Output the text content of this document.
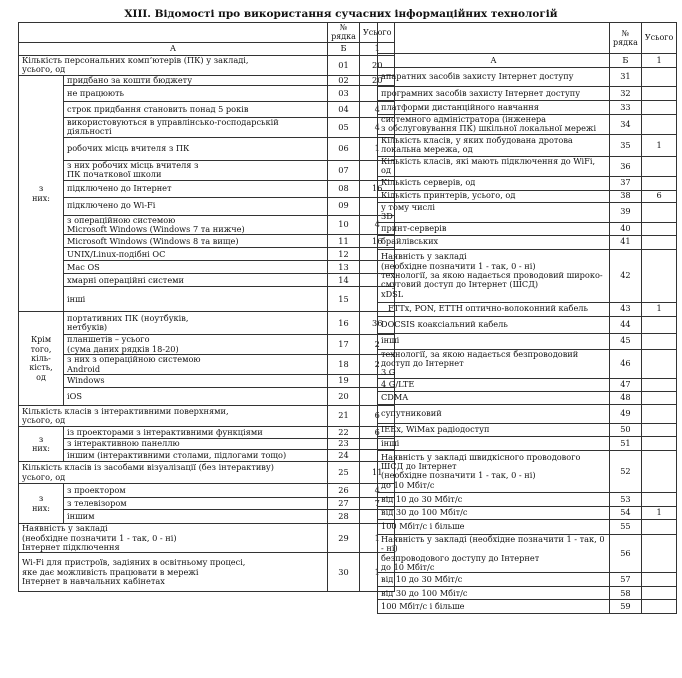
XIII. Відомості про використання сучасних інформаційних технологій
		№
рядка	Усього
А		Б	1
Кількість персональних комп’ютерів (ПК) у закладі,
усього, од		01	20
з
них:	придбано за кошти бюджету	02	20
	не працюють	03	
	строк придбання становить понад 5 років	04	4
	використовуються в управлінсько-господарській діяльності	05	4
	робочих місць вчителя з ПК	06	1
	з них робочих місць вчителя з
ПК початкової школи	07	
	підключено до Інтернет	08	16
	підключено до Wi-Fi	09	
	з операційною системою
Microsoft Windows (Windows 7 та нижче)	10	4
	Microsoft Windows (Windows 8 та вище)	11	16
	UNIX/Linux-подібні ОС	12	
	Mac OS	13	
	хмарні операційні системи	14	
	інші	15	
Крім
того,
кіль-кість,
од	портативних ПК (ноутбуків,
нетбуків)	16	36
	планшетів – усього
(сума даних рядків 18-20)	17	2
	з них з операційною системою
Android	18	2
	Windows	19	
	iOS	20	
Кількість класів з інтерактивними поверхнями,
усього, од		21	6
з
них:	із проекторами з інтерактивними функціями	22	6
	з інтерактивною панеллю	23	
	іншим (інтерактивними столами, підлогами тощо)	24	
Кількість класів із засобами візуалізації (без інтерактиву)
усього, од		25	11
з
них:	з проектором	26	4
	з телевізором	27	7
	іншим	28	
Наявність у закладі
(необхідне позначити 1 - так, 0 - ні)
Інтернет підключення		29	1
Wi-Fi для пристроїв, задіяних в освітньому процесі,
яке дає можливість працювати в мережі
Інтернет в навчальних кабінетах		30	1
	№
рядка	Усього
А	Б	1
апаратних засобів захисту Інтернет доступу	31	
програмних засобів захисту Інтернет доступу	32	
платформи дистанційного навчання	33	
системного адміністратора (інженера
з обслуговування ПК) шкільної локальної мережі	34	
Кількість класів, у яких побудована дротова
локальна мережа, од	35	1
Кількість класів, які мають підключення до WiFi, од	36	
Кількість серверів, од	37	
Кількість принтерів, усього, од	38	6
у тому числі
3D	39	
принт-серверів	40	
брайлівських	41	
Наявність у закладі
(необхідне позначити 1 - так, 0 - ні)
технології, за якою надається проводовий широко-
смуговий доступ до Інтернет (ШСД)
xDSL	42	
FTTx, PON, ETTH оптично-волоконний кабель	43	1
DOCSIS коаксіальний кабель	44	
інші	45	
технології, за якою надається безпроводовий
доступ до Інтернет
3 G	46	
4 G/LTE	47	
CDMA	48	
супутниковий	49	
IEEx, WiMax радіодоступ	50	
інші	51	
Наявність у закладі швидкісного проводового
ШСД до Інтернет
(необхідне позначити 1 - так, 0 - ні)
до 10 Мбіт/с	52	
від 10 до 30 Мбіт/с	53	
від 30 до 100 Мбіт/с	54	1
100 Мбіт/с і більше	55	
Наявність у закладі (необхідне позначити 1 - так, 0 - ні)
безпроводового доступу до Інтернет
до 10 Мбіт/с	56	
від 10 до 30 Мбіт/с	57	
від 30 до 100 Мбіт/с	58	
100 Мбіт/с і більше	59	
